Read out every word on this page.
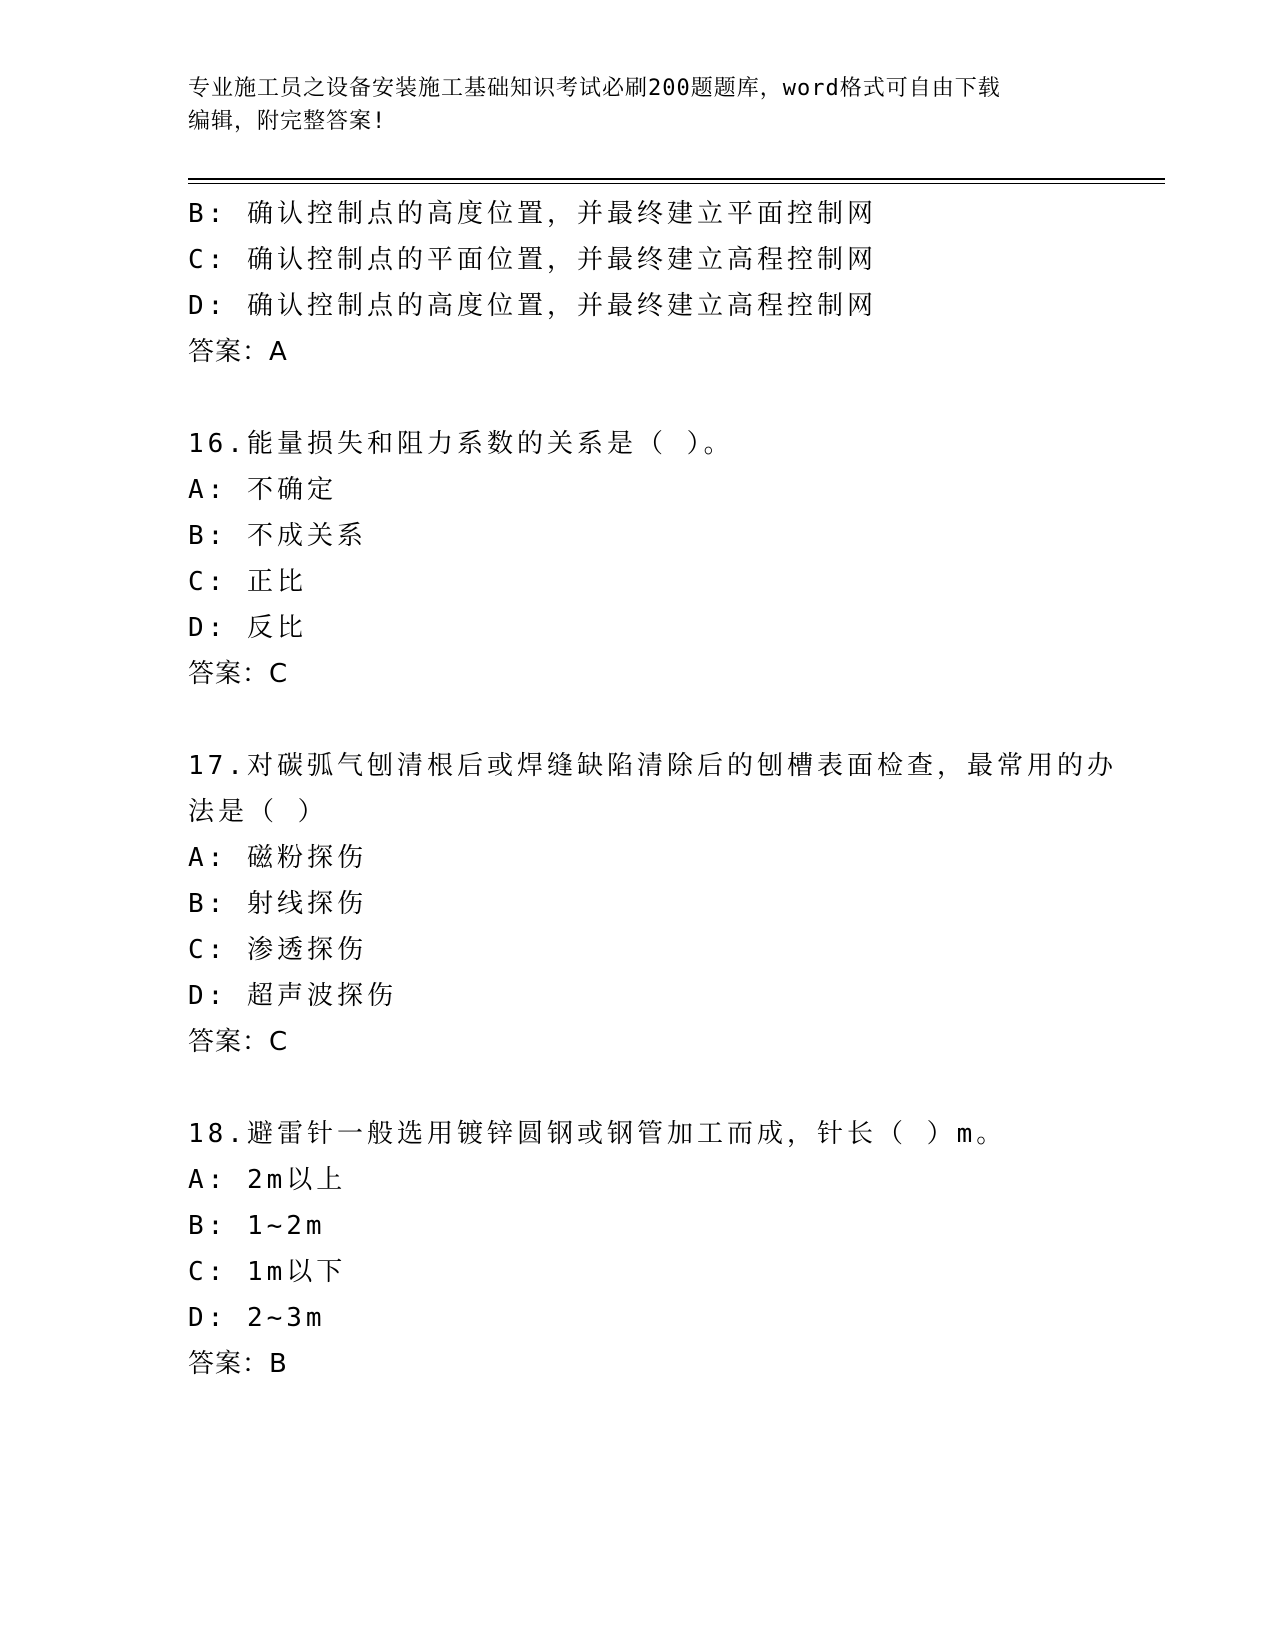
专业施工员之设备安装施工基础知识考试必刷200题题库，word格式可自由下载
编辑，附完整答案!
B: 确认控制点的高度位置，并最终建立平面控制网
C: 确认控制点的平面位置，并最终建立高程控制网
D: 确认控制点的高度位置，并最终建立高程控制网
答案：A
16.能量损失和阻力系数的关系是（ ）。
A: 不确定
B: 不成关系
C: 正比
D: 反比
答案：C
17.对碳弧气刨清根后或焊缝缺陷清除后的刨槽表面检查，最常用的办
法是（ ）
A: 磁粉探伤
B: 射线探伤
C: 渗透探伤
D: 超声波探伤
答案：C
18.避雷针一般选用镀锌圆钢或钢管加工而成，针长（ ）m。
A: 2m以上
B: 1~2m
C: 1m以下
D: 2~3m
答案：B
